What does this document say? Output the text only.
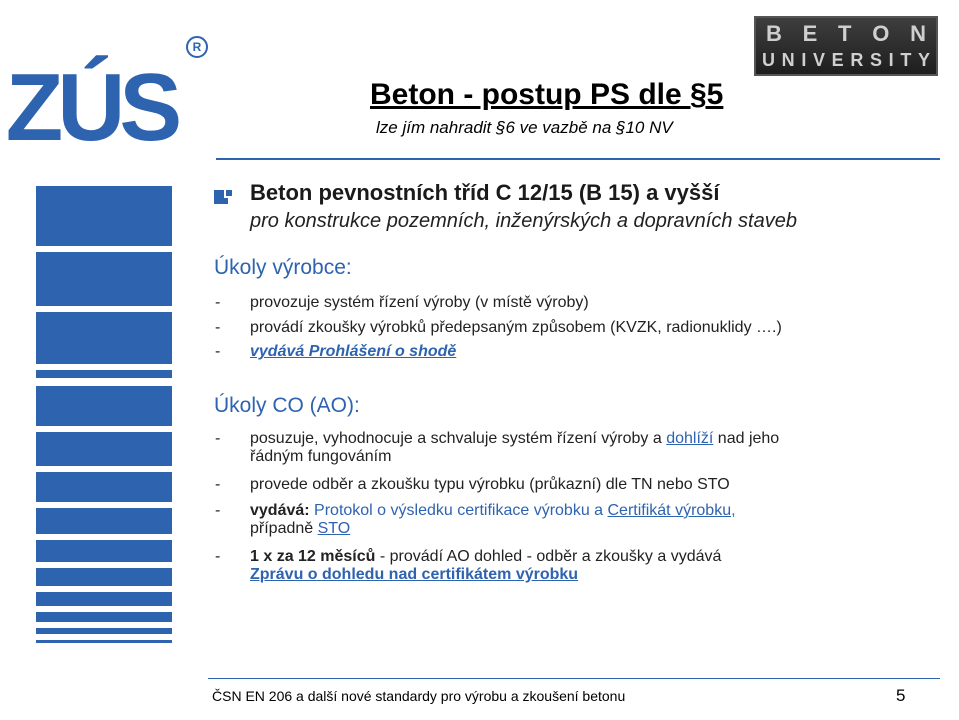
ZÚS
R
B E T O N
U N I V E R S I T Y
Beton - postup PS dle §5
lze jím nahradit §6 ve vazbě na §10 NV
Beton pevnostních tříd C 12/15 (B 15) a vyšší
pro konstrukce pozemních, inženýrských a dopravních staveb
Úkoly výrobce:
- provozuje systém řízení výroby (v místě výroby)
- provádí zkoušky výrobků předepsaným způsobem (KVZK, radionuklidy ….)
- vydává Prohlášení o shodě
Úkoly CO (AO):
- posuzuje, vyhodnocuje a schvaluje systém řízení výroby a dohlíží nad jeho
řádným fungováním
- provede odběr a zkoušku typu výrobku (průkazní) dle TN nebo STO
- vydává: Protokol o výsledku certifikace výrobku a Certifikát výrobku,
případně STO
- 1 x za 12 měsíců - provádí AO dohled - odběr a zkoušky a vydává
Zprávu o dohledu nad certifikátem výrobku
ČSN EN 206 a další nové standardy pro výrobu a zkoušení betonu	5
